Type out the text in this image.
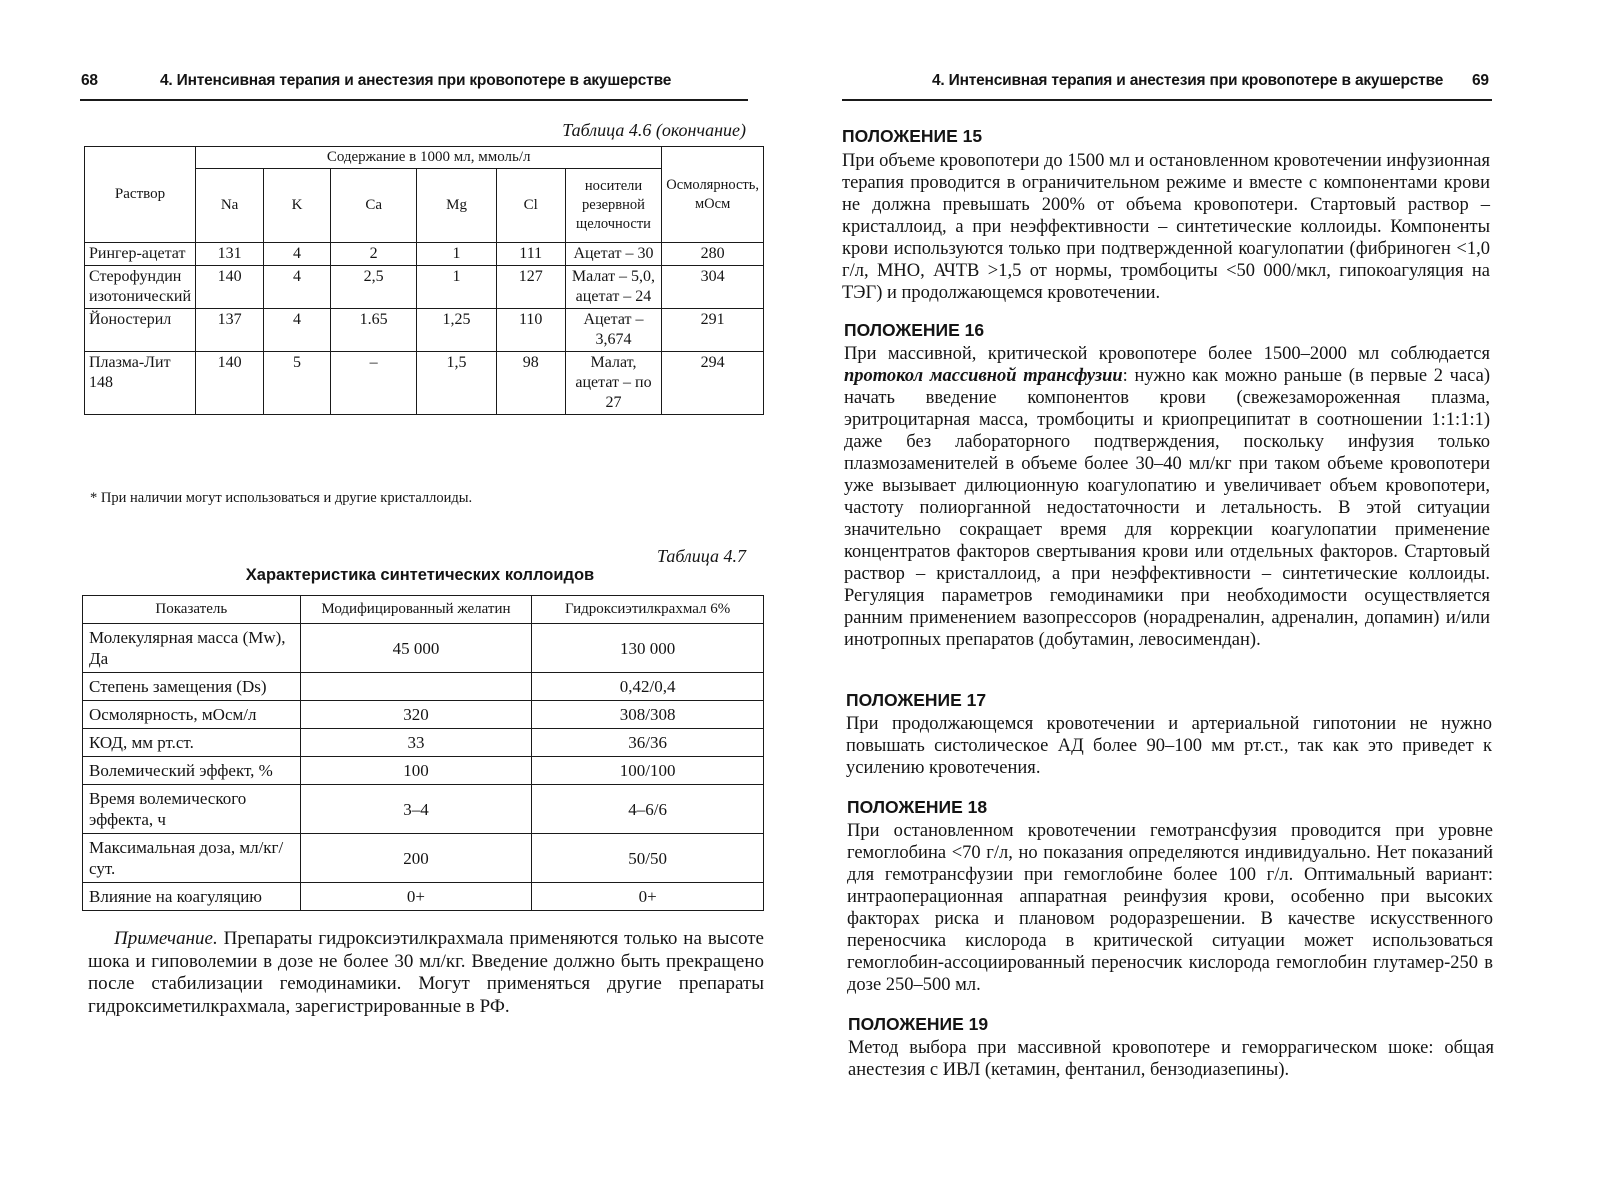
68	4. Интенсивная терапия и анестезия при кровопотере в акушерстве
Таблица 4.6 (окончание)
Раствор	Содержание в 1000 мл, ммоль/л						Осмолярность, мОсм
	Na	K	Ca	Mg	Cl	носители резервной щелочности	
Рингер-ацетат	131	4	2	1	111	Ацетат – 30	280
Стерофундин изотонический	140	4	2,5	1	127	Малат – 5,0, ацетат – 24	304
Йоностерил	137	4	1.65	1,25	110	Ацетат – 3,674	291
Плазма-Лит 148	140	5	–	1,5	98	Малат, ацетат – по 27	294
* При наличии могут использоваться и другие кристаллоиды.
Таблица 4.7
Характеристика синтетических коллоидов
Показатель	Модифицированный желатин	Гидроксиэтилкрахмал 6%
Молекулярная масса (Mw), Да	45 000	130 000
Степень замещения (Ds)		0,42/0,4
Осмолярность, мОсм/л	320	308/308
КОД, мм рт.ст.	33	36/36
Волемический эффект, %	100	100/100
Время волемического эффекта, ч	3–4	4–6/6
Максимальная доза, мл/кг/сут.	200	50/50
Влияние на коагуляцию	0+	0+
Примечание. Препараты гидроксиэтилкрахмала применяются только на высоте шока и гиповолемии в дозе не более 30 мл/кг. Введение должно быть прекращено после стабилизации гемодинамики. Могут применяться другие препараты гидроксиметилкрахмала, зарегистрированные в РФ.
4. Интенсивная терапия и анестезия при кровопотере в акушерстве 69
ПОЛОЖЕНИЕ 15
При объеме кровопотери до 1500 мл и остановленном кровотечении инфузионная терапия проводится в ограничительном режиме и вместе с компонентами крови не должна превышать 200% от объема кровопотери. Стартовый раствор – кристаллоид, а при неэффективности – синтетические коллоиды. Компоненты крови используются только при подтвержденной коагулопатии (фибриноген <1,0 г/л, МНО, АЧТВ >1,5 от нормы, тромбоциты <50 000/мкл, гипокоагуляция на ТЭГ) и продолжающемся кровотечении.
ПОЛОЖЕНИЕ 16
При массивной, критической кровопотере более 1500–2000 мл соблюдается протокол массивной трансфузии: нужно как можно раньше (в первые 2 часа) начать введение компонентов крови (свежезамороженная плазма, эритроцитарная масса, тромбоциты и криопреципитат в соотношении 1:1:1:1) даже без лабораторного подтверждения, поскольку инфузия только плазмозаменителей в объеме более 30–40 мл/кг при таком объеме кровопотери уже вызывает дилюционную коагулопатию и увеличивает объем кровопотери, частоту полиорганной недостаточности и летальность. В этой ситуации значительно сокращает время для коррекции коагулопатии применение концентратов факторов свертывания крови или отдельных факторов. Стартовый раствор – кристаллоид, а при неэффективности – синтетические коллоиды. Регуляция параметров гемодинамики при необходимости осуществляется ранним применением вазопрессоров (норадреналин, адреналин, допамин) и/или инотропных препаратов (добутамин, левосимендан).
ПОЛОЖЕНИЕ 17
При продолжающемся кровотечении и артериальной гипотонии не нужно повышать систолическое АД более 90–100 мм рт.ст., так как это приведет к усилению кровотечения.
ПОЛОЖЕНИЕ 18
При остановленном кровотечении гемотрансфузия проводится при уровне гемоглобина <70 г/л, но показания определяются индивидуально. Нет показаний для гемотрансфузии при гемоглобине более 100 г/л. Оптимальный вариант: интраоперационная аппаратная реинфузия крови, особенно при высоких факторах риска и плановом родоразрешении. В качестве искусственного переносчика кислорода в критической ситуации может использоваться гемоглобин-ассоциированный переносчик кислорода гемоглобин глутамер-250 в дозе 250–500 мл.
ПОЛОЖЕНИЕ 19
Метод выбора при массивной кровопотере и геморрагическом шоке: общая анестезия с ИВЛ (кетамин, фентанил, бензодиазепины).
